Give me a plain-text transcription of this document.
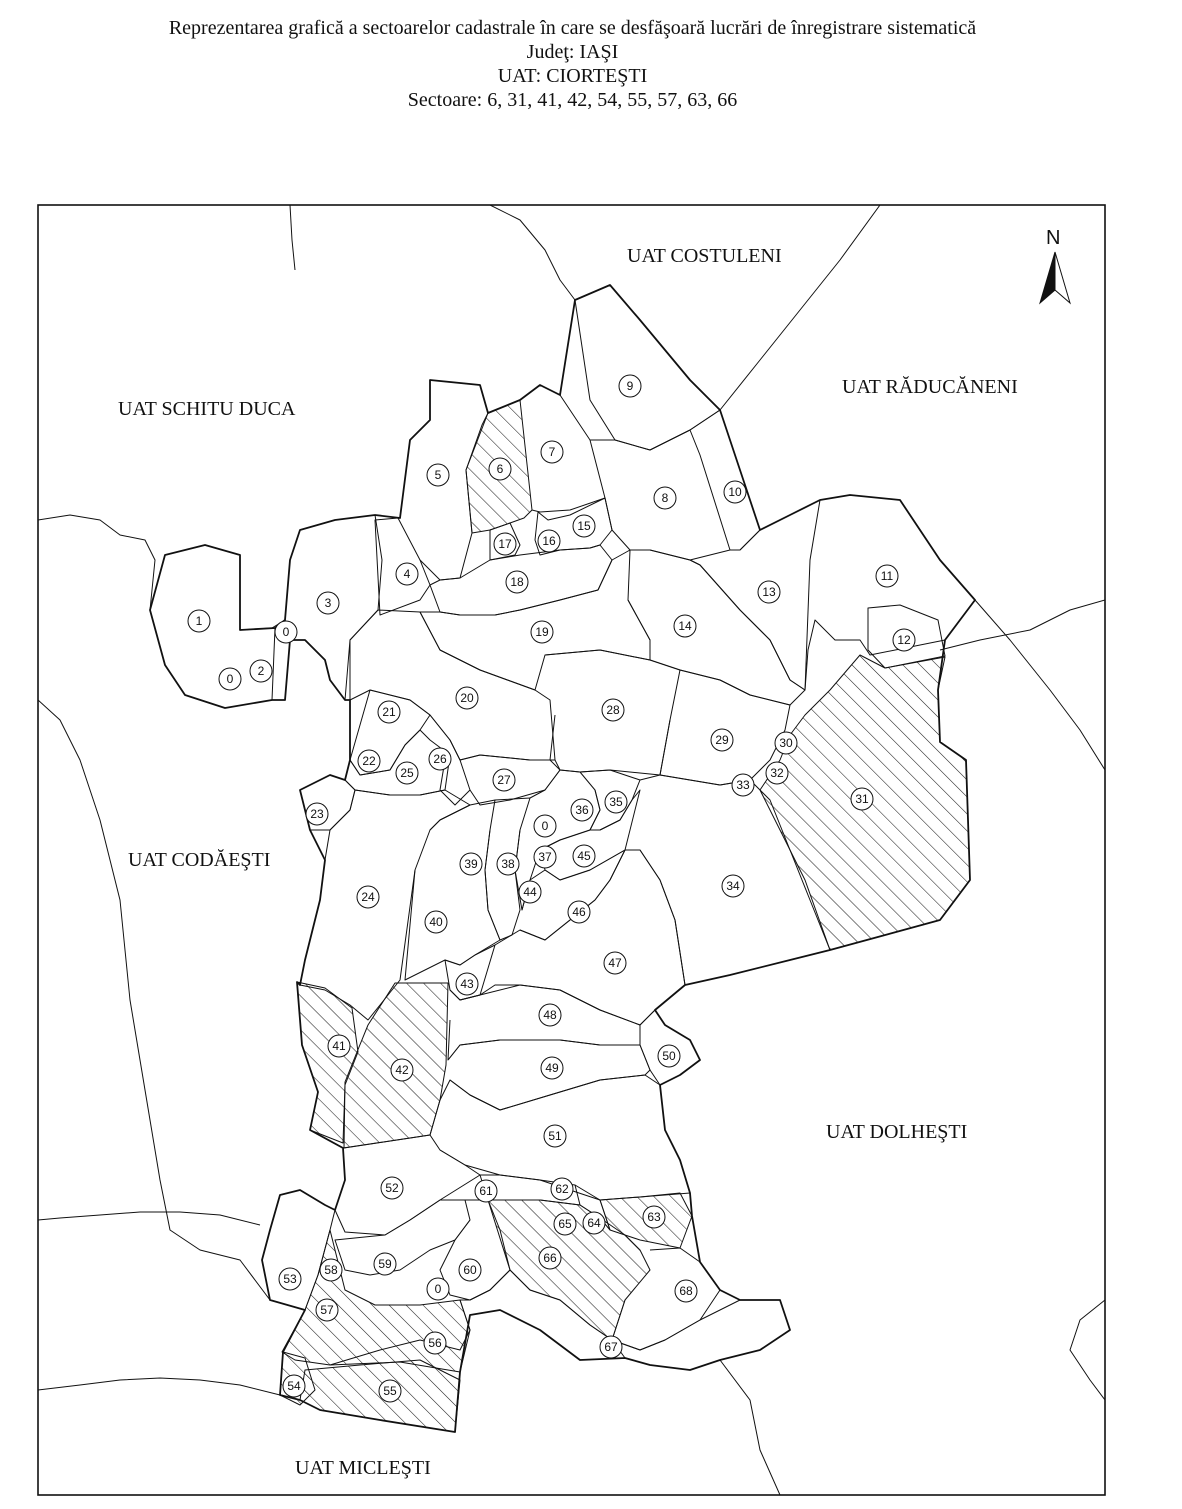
Reprezentarea grafică a sectoarelor cadastrale în care se desfăşoară lucrări de înregistrare sistematică
Judeţ: IAŞI
UAT: CIORTEŞTI
Sectoare: 6, 31, 41, 42, 54, 55, 57, 63, 66
UAT COSTULENI
UAT RĂDUCĂNENI
UAT SCHITU DUCA
UAT CODĂEŞTI
UAT DOLHEŞTI
UAT MICLEŞTI
N
1
2
3
4
5	6
7
8
9
10
11
12
13
14
15
16
17
18
19
20
21
22
23
24
25
26
27
28
29	30
31
32
33
34
35
36
37
38
39
40
41
42
43
44
45
46
47
48
49
50
51
52
53
54	55
56
57
58	59	60
61	62
63
64
65
66
67
68
0
0
0
0
